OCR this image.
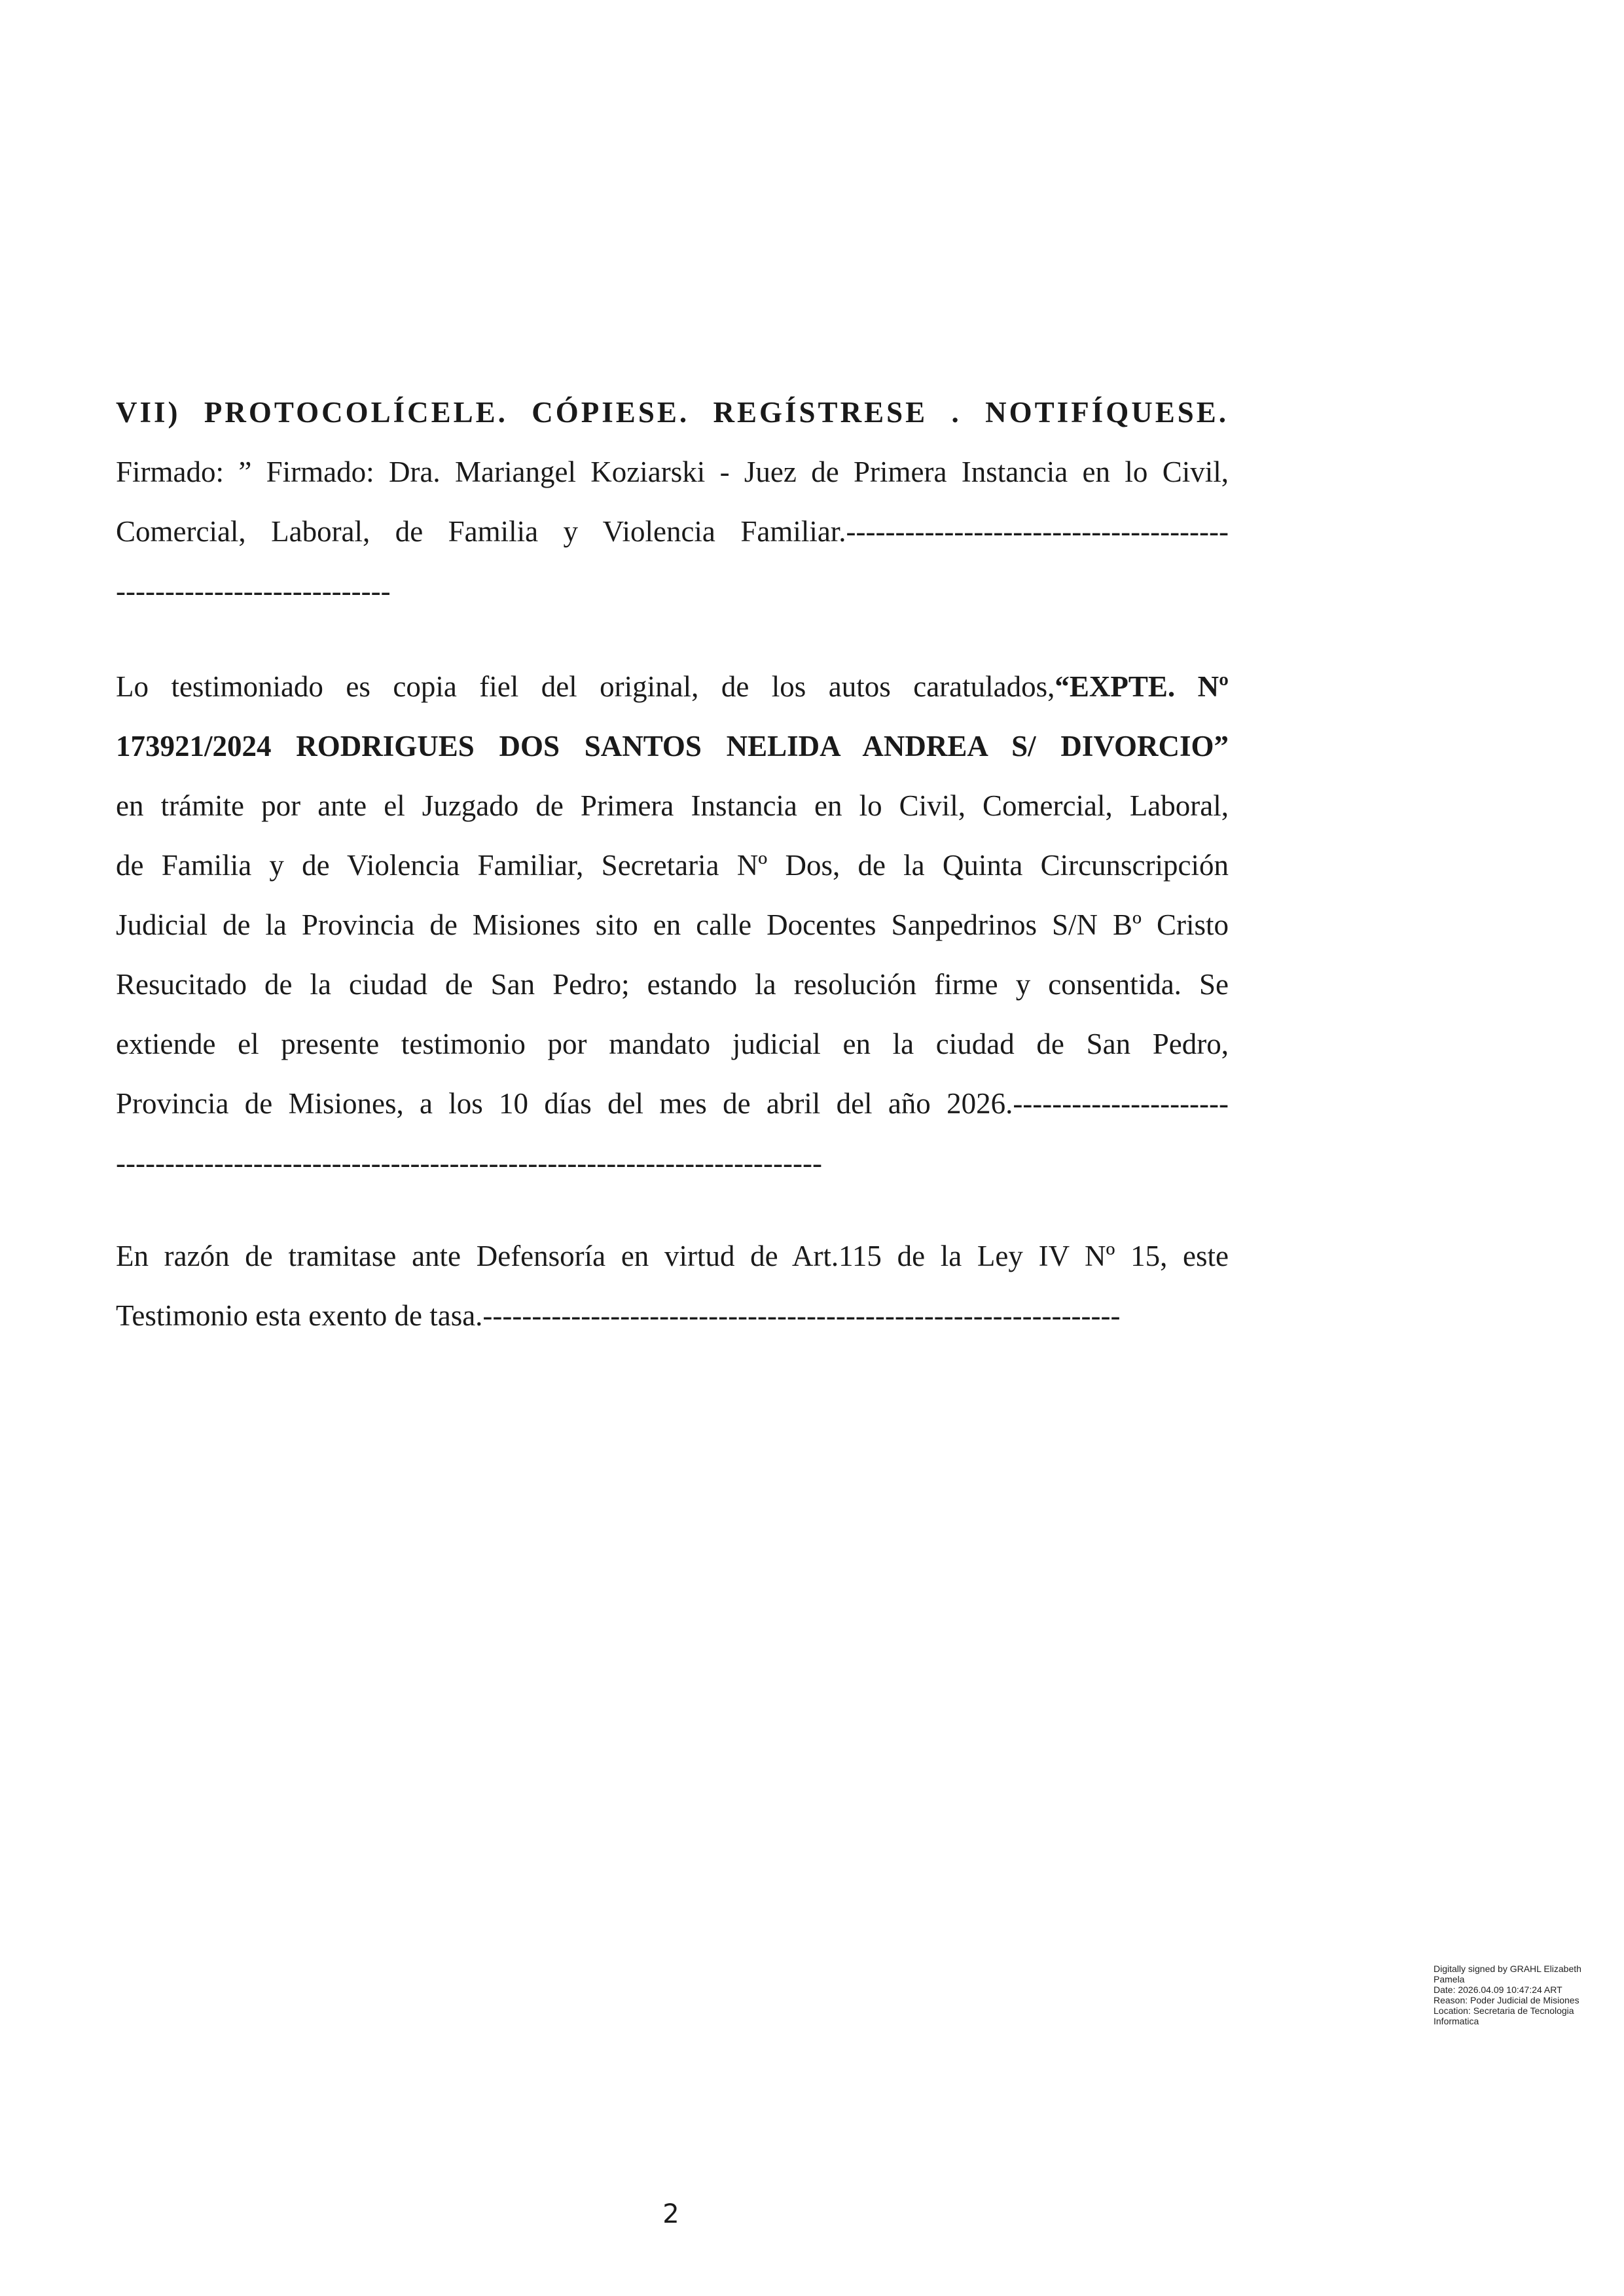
VII) PROTOCOLÍCELE. CÓPIESE. REGÍSTRESE . NOTIFÍQUESE.
Firmado: ” Firmado: Dra. Mariangel Koziarski - Juez de Primera Instancia en lo Civil,
Comercial, Laboral, de Familia y Violencia Familiar.---------------------------------------
----------------------------
Lo testimoniado es copia fiel del original, de los autos caratulados,“EXPTE. Nº
173921/2024 RODRIGUES DOS SANTOS NELIDA ANDREA S/ DIVORCIO”
en trámite por ante el Juzgado de Primera Instancia en lo Civil, Comercial, Laboral,
de Familia y de Violencia Familiar, Secretaria Nº Dos, de la Quinta Circunscripción
Judicial de la Provincia de Misiones sito en calle Docentes Sanpedrinos S/N Bº Cristo
Resucitado de la ciudad de San Pedro; estando la resolución firme y consentida. Se
extiende el presente testimonio por mandato judicial en la ciudad de San Pedro,
Provincia de Misiones, a los 10 días del mes de abril del año 2026.----------------------
------------------------------------------------------------------------
En razón de tramitase ante Defensoría en virtud de Art.115 de la Ley IV Nº 15, este
Testimonio esta exento de tasa.-----------------------------------------------------------------
Digitally signed by GRAHL Elizabeth
Pamela
Date: 2026.04.09 10:47:24 ART
Reason: Poder Judicial de Misiones
Location: Secretaria de Tecnologia
Informatica
2
